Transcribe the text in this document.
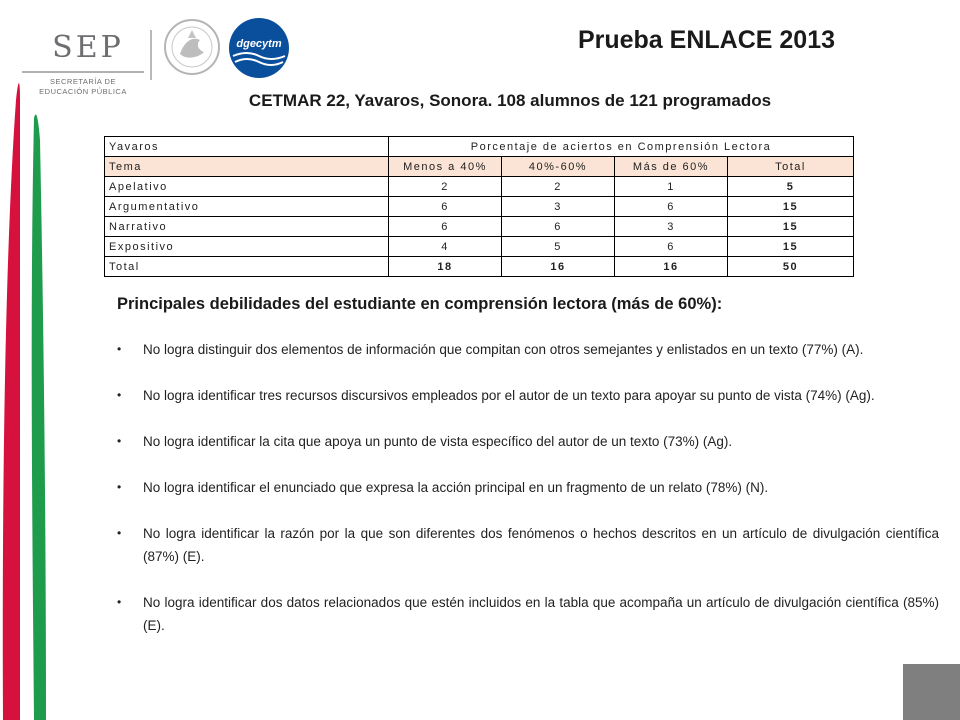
SEP
SECRETARÍA DE
EDUCACIÓN PÚBLICA
dgecytm	Prueba ENLACE 2013
CETMAR 22, Yavaros, Sonora. 108 alumnos de 121 programados
Yavaros	Porcentaje de aciertos en Comprensión Lectora			
Tema	Menos a 40%	40%-60%	Más de 60%	Total
Apelativo	2	2	1	5
Argumentativo	6	3	6	15
Narrativo	6	6	3	15
Expositivo	4	5	6	15
Total	18	16	16	50
Principales debilidades del estudiante en comprensión lectora (más de 60%):
• No logra distinguir dos elementos de información que compitan con otros semejantes y enlistados en un texto (77%) (A).
• No logra identificar tres recursos discursivos empleados por el autor de un texto para apoyar su punto de vista (74%) (Ag).
• No logra identificar la cita que apoya un punto de vista específico del autor de un texto (73%) (Ag).
• No logra identificar el enunciado que expresa la acción principal en un fragmento de un relato (78%) (N).
• No logra identificar la razón por la que son diferentes dos fenómenos o hechos descritos en un artículo de divulgación científica (87%) (E).
• No logra identificar dos datos relacionados que estén incluidos en la tabla que acompaña un artículo de divulgación científica (85%) (E).
